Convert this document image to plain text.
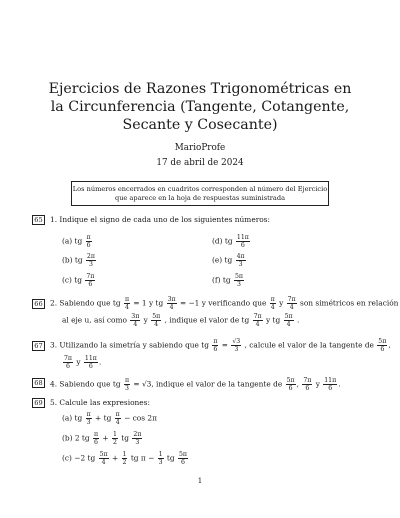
Ejercicios de Razones Trigonométricas en la Circunferencia (Tangente, Cotangente, Secante y Cosecante)
MarioProfe
17 de abril de 2024
Los números encerrados en cuadritos corresponden al número del Ejercicio que aparece en la hoja de respuestas suministrada
65 1. Indique el signo de cada uno de los siguientes números:
(a) tg $\frac{\pi}{6}$	(d) tg $\frac{11\pi}{6}$
(b) tg $\frac{2\pi}{3}$	(e) tg $\frac{4\pi}{3}$
(c) tg $\frac{7\pi}{6}$	(f) tg $\frac{5\pi}{3}$
66 2. Sabiendo que tg $\frac{\pi}{4} = 1$ y tg $\frac{3\pi}{4} = -1$ y verificando que $\frac{\pi}{4}$ y $\frac{7\pi}{4}$ son simétricos en relación
al eje u, así como $\frac{3\pi}{4}$ y $\frac{5\pi}{4}$ , indique el valor de tg $\frac{7\pi}{4}$ y tg $\frac{5\pi}{4}$ .
67 3. Utilizando la simetría y sabiendo que tg $\frac{\pi}{6} = \frac{√3}{3}$ , calcule el valor de la tangente de $\frac{5\pi}{6}$ ,
$\frac{7\pi}{6}$ y $\frac{11\pi}{6}$ .
68 4. Sabiendo que tg $\frac{\pi}{3} = √3$, indique el valor de la tangente de $\frac{5\pi}{6}$ , $\frac{7\pi}{6}$ y $\frac{11\pi}{6}$ .
69 5. Calcule las expresiones:
(a) tg $\frac{\pi}{3}$ + tg $\frac{\pi}{4} - \cos 2\pi$
(b) 2 tg $\frac{\pi}{6} + \frac{1}{2}$ tg $\frac{2\pi}{3}$
(c) −2 tg $\frac{5\pi}{4} + \frac{1}{2}$ tg $\pi - \frac{1}{3}$ tg $\frac{5\pi}{6}$
1
